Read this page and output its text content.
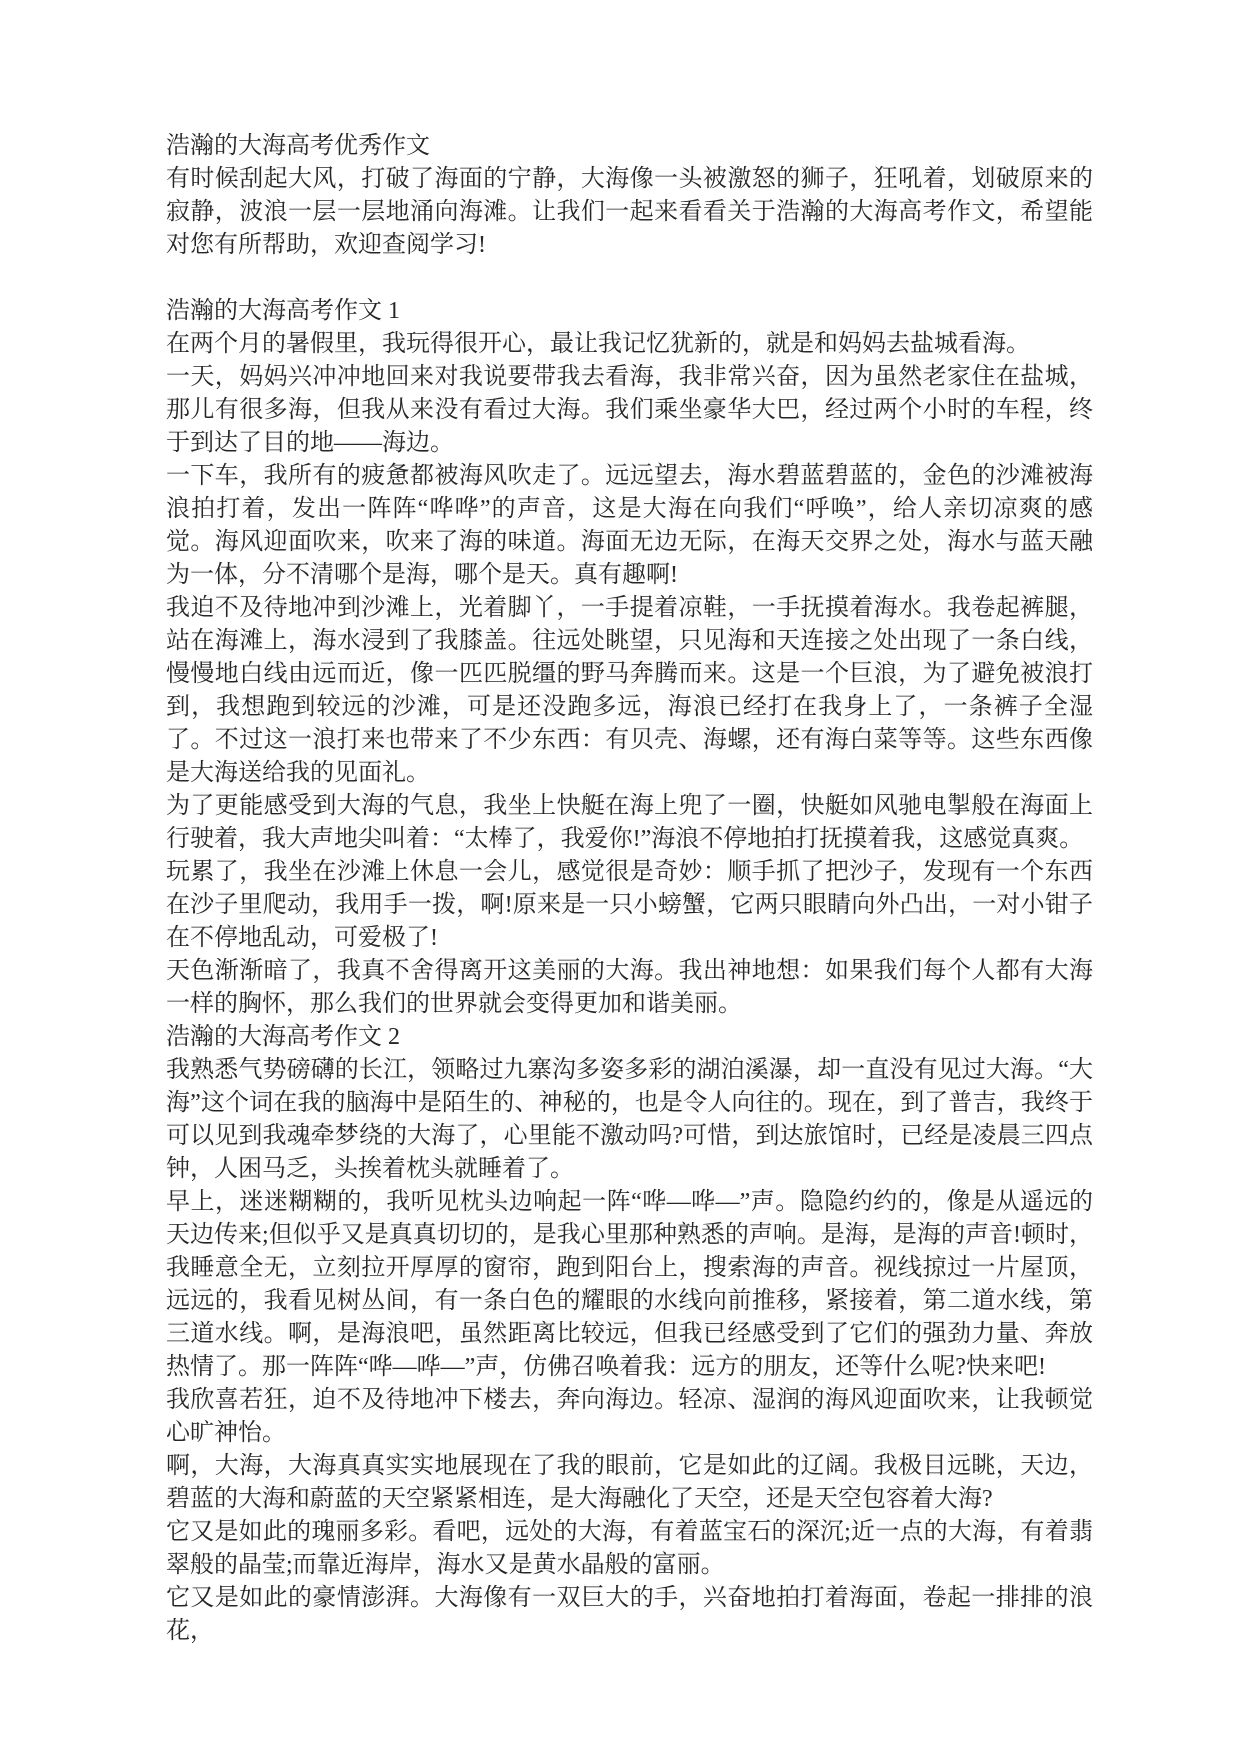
浩瀚的大海高考优秀作文

有时候刮起大风，打破了海面的宁静，大海像一头被激怒的狮子，狂吼着，划破原来的寂静，波浪一层一层地涌向海滩。让我们一起来看看关于浩瀚的大海高考作文，希望能对您有所帮助，欢迎查阅学习!

浩瀚的大海高考作文 1

在两个月的暑假里，我玩得很开心，最让我记忆犹新的，就是和妈妈去盐城看海。

一天，妈妈兴冲冲地回来对我说要带我去看海，我非常兴奋，因为虽然老家住在盐城，那儿有很多海，但我从来没有看过大海。我们乘坐豪华大巴，经过两个小时的车程，终于到达了目的地——海边。

一下车，我所有的疲惫都被海风吹走了。远远望去，海水碧蓝碧蓝的，金色的沙滩被海浪拍打着，发出一阵阵“哗哗”的声音，这是大海在向我们“呼唤”，给人亲切凉爽的感觉。海风迎面吹来，吹来了海的味道。海面无边无际，在海天交界之处，海水与蓝天融为一体，分不清哪个是海，哪个是天。真有趣啊!

我迫不及待地冲到沙滩上，光着脚丫，一手提着凉鞋，一手抚摸着海水。我卷起裤腿，站在海滩上，海水浸到了我膝盖。往远处眺望，只见海和天连接之处出现了一条白线，慢慢地白线由远而近，像一匹匹脱缰的野马奔腾而来。这是一个巨浪，为了避免被浪打到，我想跑到较远的沙滩，可是还没跑多远，海浪已经打在我身上了，一条裤子全湿了。不过这一浪打来也带来了不少东西：有贝壳、海螺，还有海白菜等等。这些东西像是大海送给我的见面礼。

为了更能感受到大海的气息，我坐上快艇在海上兜了一圈，快艇如风驰电掣般在海面上行驶着，我大声地尖叫着：“太棒了，我爱你!”海浪不停地拍打抚摸着我，这感觉真爽。

玩累了，我坐在沙滩上休息一会儿，感觉很是奇妙：顺手抓了把沙子，发现有一个东西在沙子里爬动，我用手一拨，啊!原来是一只小螃蟹，它两只眼睛向外凸出，一对小钳子在不停地乱动，可爱极了!

天色渐渐暗了，我真不舍得离开这美丽的大海。我出神地想：如果我们每个人都有大海一样的胸怀，那么我们的世界就会变得更加和谐美丽。

浩瀚的大海高考作文 2

我熟悉气势磅礴的长江，领略过九寨沟多姿多彩的湖泊溪瀑，却一直没有见过大海。“大海”这个词在我的脑海中是陌生的、神秘的，也是令人向往的。现在，到了普吉，我终于可以见到我魂牵梦绕的大海了，心里能不激动吗?可惜，到达旅馆时，已经是凌晨三四点钟，人困马乏，头挨着枕头就睡着了。

早上，迷迷糊糊的，我听见枕头边响起一阵“哗—哗—”声。隐隐约约的，像是从遥远的天边传来;但似乎又是真真切切的，是我心里那种熟悉的声响。是海，是海的声音!顿时，我睡意全无，立刻拉开厚厚的窗帘，跑到阳台上，搜索海的声音。视线掠过一片屋顶，远远的，我看见树丛间，有一条白色的耀眼的水线向前推移，紧接着，第二道水线，第三道水线。啊，是海浪吧，虽然距离比较远，但我已经感受到了它们的强劲力量、奔放热情了。那一阵阵“哗—哗—”声，仿佛召唤着我：远方的朋友，还等什么呢?快来吧!

我欣喜若狂，迫不及待地冲下楼去，奔向海边。轻凉、湿润的海风迎面吹来，让我顿觉心旷神怡。

啊，大海，大海真真实实地展现在了我的眼前，它是如此的辽阔。我极目远眺，天边，碧蓝的大海和蔚蓝的天空紧紧相连，是大海融化了天空，还是天空包容着大海?

它又是如此的瑰丽多彩。看吧，远处的大海，有着蓝宝石的深沉;近一点的大海，有着翡翠般的晶莹;而靠近海岸，海水又是黄水晶般的富丽。

它又是如此的豪情澎湃。大海像有一双巨大的手，兴奋地拍打着海面，卷起一排排的浪花，
